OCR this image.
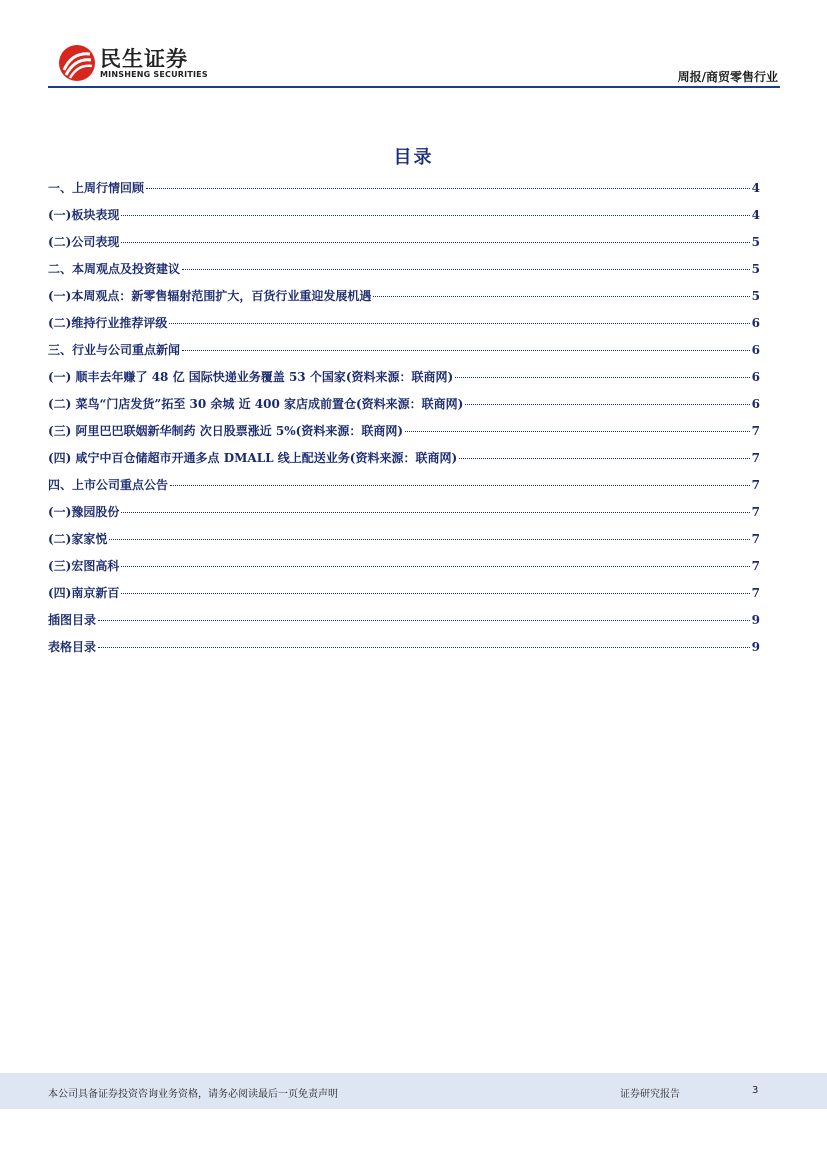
民生证券
MINSHENG SECURITIES	周报/商贸零售行业
目录
一、上周行情回顾	4
(一)板块表现	4
(二)公司表现	5
二、本周观点及投资建议	5
(一)本周观点：新零售辐射范围扩大，百货行业重迎发展机遇	5
(二)维持行业推荐评级	6
三、行业与公司重点新闻	6
(一) 顺丰去年赚了 48 亿 国际快递业务覆盖 53 个国家(资料来源：联商网)	6
(二) 菜鸟“门店发货”拓至 30 余城 近 400 家店成前置仓(资料来源：联商网)	6
(三) 阿里巴巴联姻新华制药 次日股票涨近 5%(资料来源：联商网)	7
(四) 咸宁中百仓储超市开通多点 DMALL 线上配送业务(资料来源：联商网)	7
四、上市公司重点公告	7
(一)豫园股份	7
(二)家家悦	7
(三)宏图高科	7
(四)南京新百	7
插图目录	9
表格目录	9
本公司具备证券投资咨询业务资格，请务必阅读最后一页免责声明	证券研究报告	3
